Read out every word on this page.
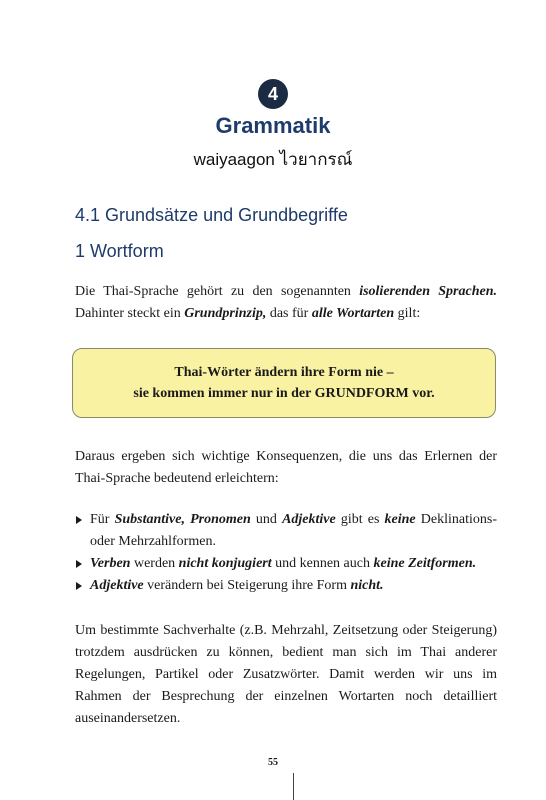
4
Grammatik
waiyaagon ไวยากรณ์
4.1 Grundsätze und Grundbegriffe
1 Wortform
Die Thai-Sprache gehört zu den sogenannten isolierenden Sprachen. Dahinter steckt ein Grundprinzip, das für alle Wortarten gilt:
Thai-Wörter ändern ihre Form nie –
sie kommen immer nur in der GRUNDFORM vor.
Daraus ergeben sich wichtige Konsequenzen, die uns das Erlernen der Thai-Sprache bedeutend erleichtern:
Für Substantive, Pronomen und Adjektive gibt es keine Deklinations- oder Mehrzahlformen.
Verben werden nicht konjugiert und kennen auch keine Zeitformen.
Adjektive verändern bei Steigerung ihre Form nicht.
Um bestimmte Sachverhalte (z.B. Mehrzahl, Zeitsetzung oder Steigerung) trotzdem ausdrücken zu können, bedient man sich im Thai anderer Regelungen, Partikel oder Zusatzwörter. Damit werden wir uns im Rahmen der Besprechung der einzelnen Wortarten noch detailliert auseinandersetzen.
55
